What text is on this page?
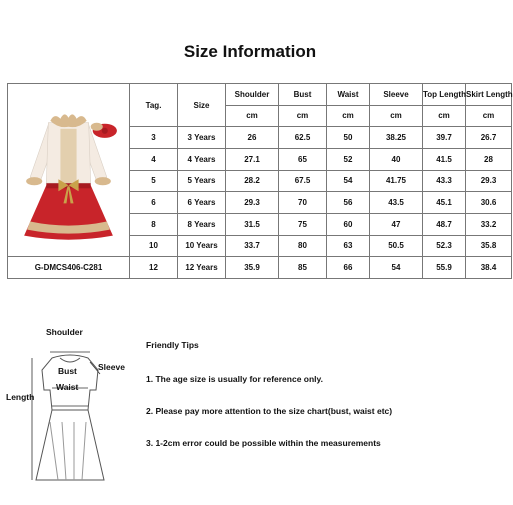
Size Information
	Tag.	Size	Shoulder	Bust	Waist	Sleeve	Top Length	Skirt Length
			cm	cm	cm	cm	cm	cm
	3	3 Years	26	62.5	50	38.25	39.7	26.7
	4	4 Years	27.1	65	52	40	41.5	28
	5	5 Years	28.2	67.5	54	41.75	43.3	29.3
	6	6 Years	29.3	70	56	43.5	45.1	30.6
	8	8 Years	31.5	75	60	47	48.7	33.2
	10	10 Years	33.7	80	63	50.5	52.3	35.8
G-DMCS406-C281	12	12 Years	35.9	85	66	54	55.9	38.4
Shoulder
Sleeve
Bust
Waist
Length
Friendly Tips
1. The age size is usually for reference only.
2. Please pay more attention to the size chart(bust, waist etc)
3. 1-2cm error could be possible within the measurements
